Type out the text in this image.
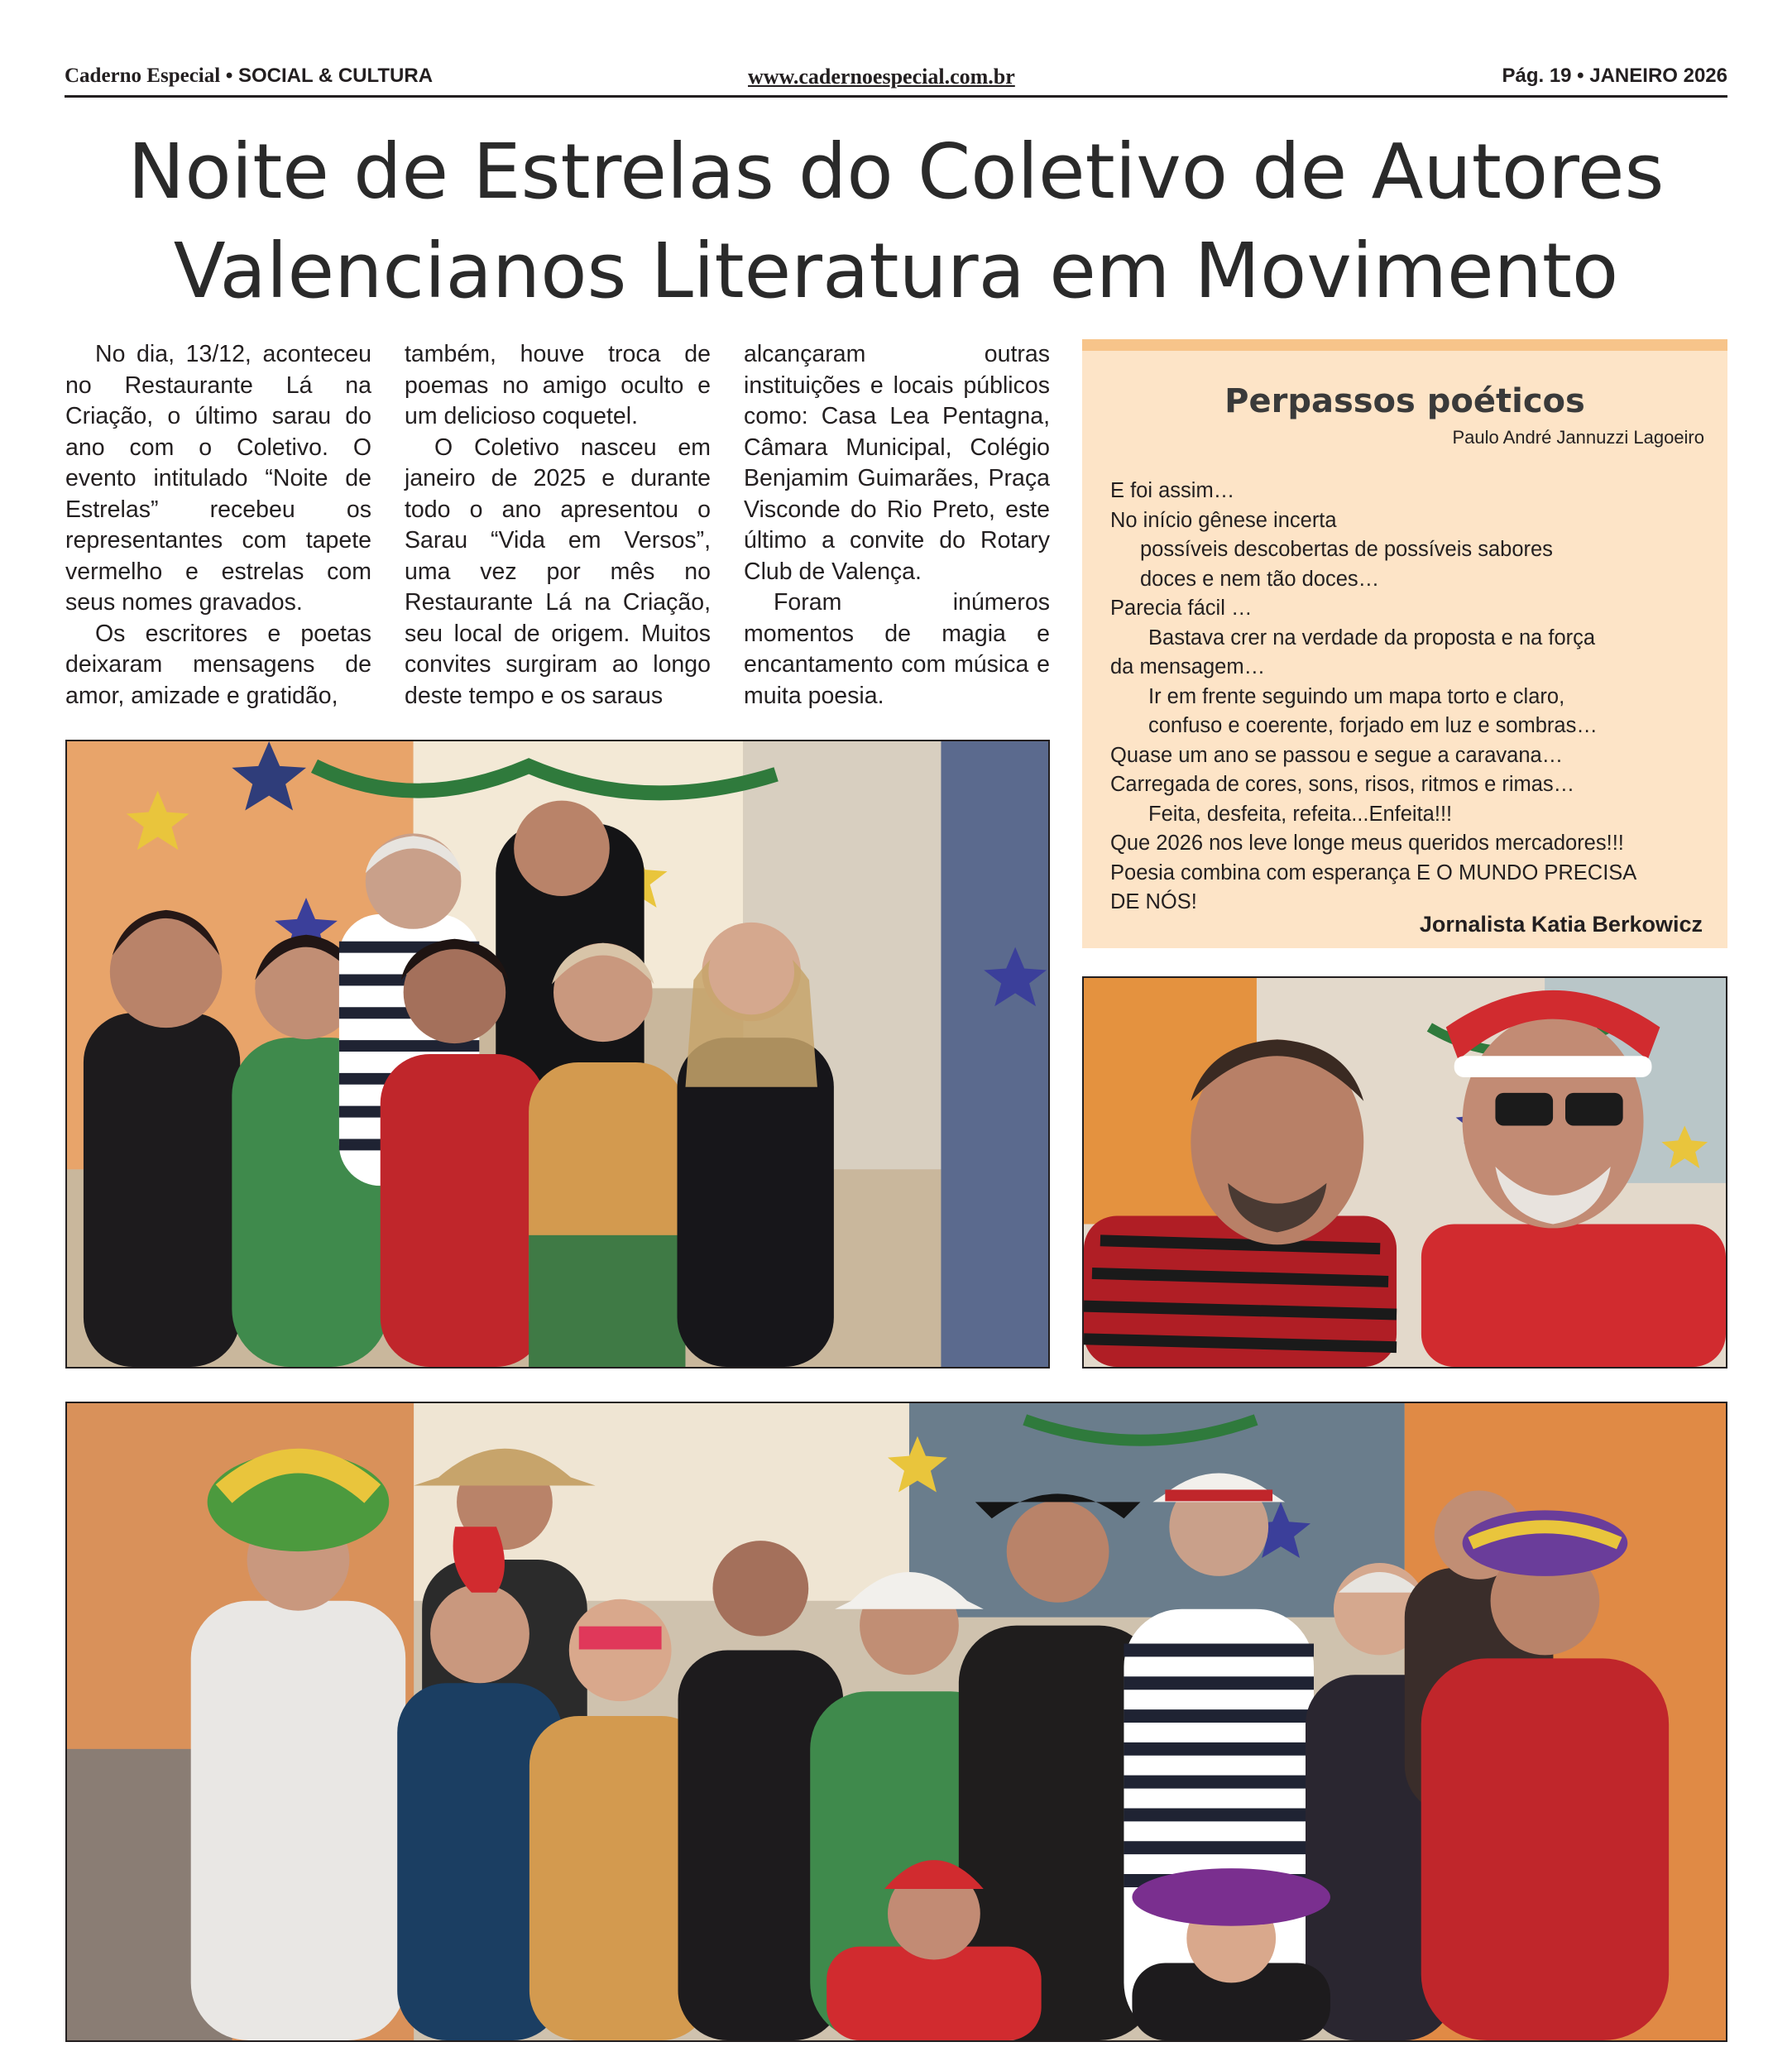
Caderno Especial • SOCIAL & CULTURA	www.cadernoespecial.com.br	Pág. 19 • JANEIRO 2026
Noite de Estrelas do Coletivo de Autores
Valencianos Literatura em Movimento

No dia, 13/12, aconteceu no Restaurante Lá na Criação, o último sarau do ano com o Coletivo. O evento intitulado “Noite de Estrelas” recebeu os representantes com tapete vermelho e estrelas com seus nomes gravados.

Os escritores e poetas deixaram mensagens de amor, amizade e gratidão,

também, houve troca de poemas no amigo oculto e um delicioso coquetel.

O Coletivo nasceu em janeiro de 2025 e durante todo o ano apresentou o Sarau “Vida em Versos”, uma vez por mês no Restaurante Lá na Criação, seu local de origem. Muitos convites surgiram ao longo deste tempo e os saraus

alcançaram outras instituições e locais públicos como: Casa Lea Pentagna, Câmara Municipal, Colégio Benjamim Guimarães, Praça Visconde do Rio Preto, este último a convite do Rotary Club de Valença.

Foram inúmeros momentos de magia e encantamento com música e muita poesia.

Perpassos poéticos
Paulo André Jannuzzi Lagoeiro
E foi assim…
No início gênese incerta
possíveis descobertas de possíveis sabores
doces e nem tão doces…
Parecia fácil …
Bastava crer na verdade da proposta e na força
da mensagem…
Ir em frente seguindo um mapa torto e claro,
confuso e coerente, forjado em luz e sombras…
Quase um ano se passou e segue a caravana…
Carregada de cores, sons, risos, ritmos e rimas…
Feita, desfeita, refeita...Enfeita!!!
Que 2026 nos leve longe meus queridos mercadores!!!
Poesia combina com esperança E O MUNDO PRECISA
DE NÓS!
Jornalista Katia Berkowicz
